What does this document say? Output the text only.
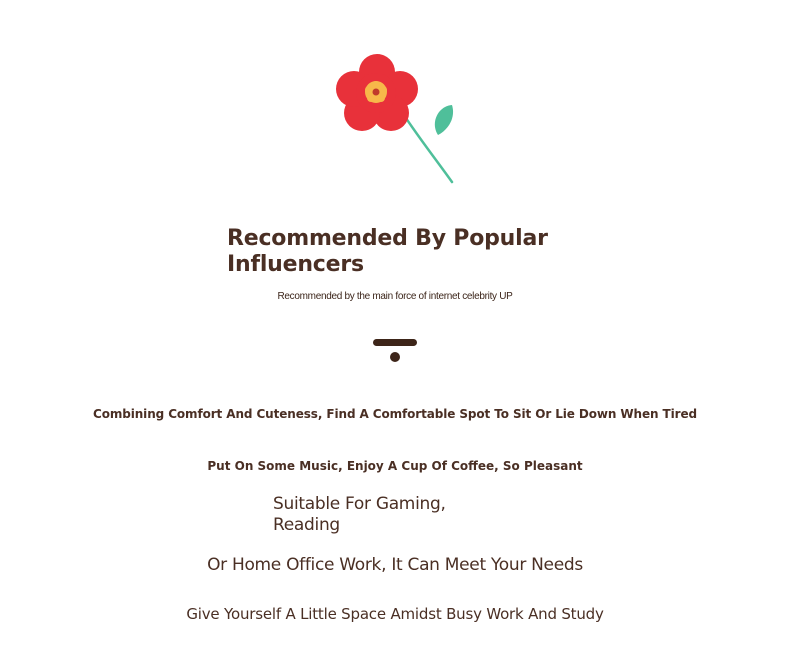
Recommended By Popular Influencers
Recommended by the main force of internet celebrity UP
Combining Comfort And Cuteness, Find A Comfortable Spot To Sit Or Lie Down When Tired
Put On Some Music, Enjoy A Cup Of Coffee, So Pleasant
Suitable For Gaming, Reading
Or Home Office Work, It Can Meet Your Needs
Give Yourself A Little Space Amidst Busy Work And Study
